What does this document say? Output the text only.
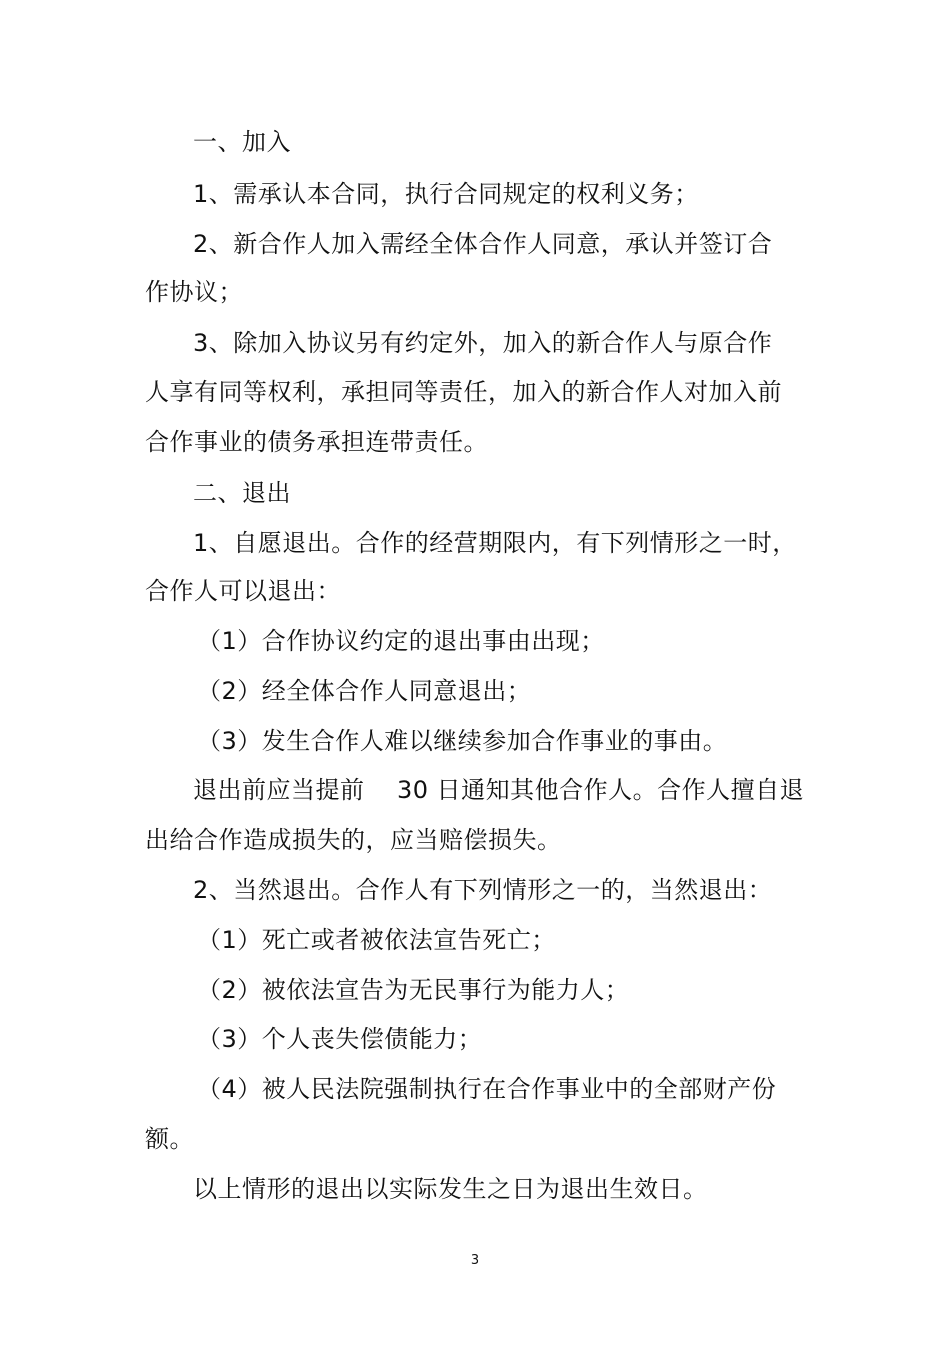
一、加入

1、需承认本合同，执行合同规定的权利义务；

2、新合作人加入需经全体合作人同意，承认并签订合

作协议；

3、除加入协议另有约定外，加入的新合作人与原合作

人享有同等权利，承担同等责任，加入的新合作人对加入前

合作事业的债务承担连带责任。

二、退出

1、自愿退出。合作的经营期限内，有下列情形之一时，

合作人可以退出：

（1）合作协议约定的退出事由出现；

（2）经全体合作人同意退出；

（3）发生合作人难以继续参加合作事业的事由。

退出前应当提前    30 日通知其他合作人。合作人擅自退

出给合作造成损失的，应当赔偿损失。

2、当然退出。合作人有下列情形之一的，当然退出：

（1）死亡或者被依法宣告死亡；

（2）被依法宣告为无民事行为能力人；

（3）个人丧失偿债能力；

（4）被人民法院强制执行在合作事业中的全部财产份

额。

以上情形的退出以实际发生之日为退出生效日。

3
